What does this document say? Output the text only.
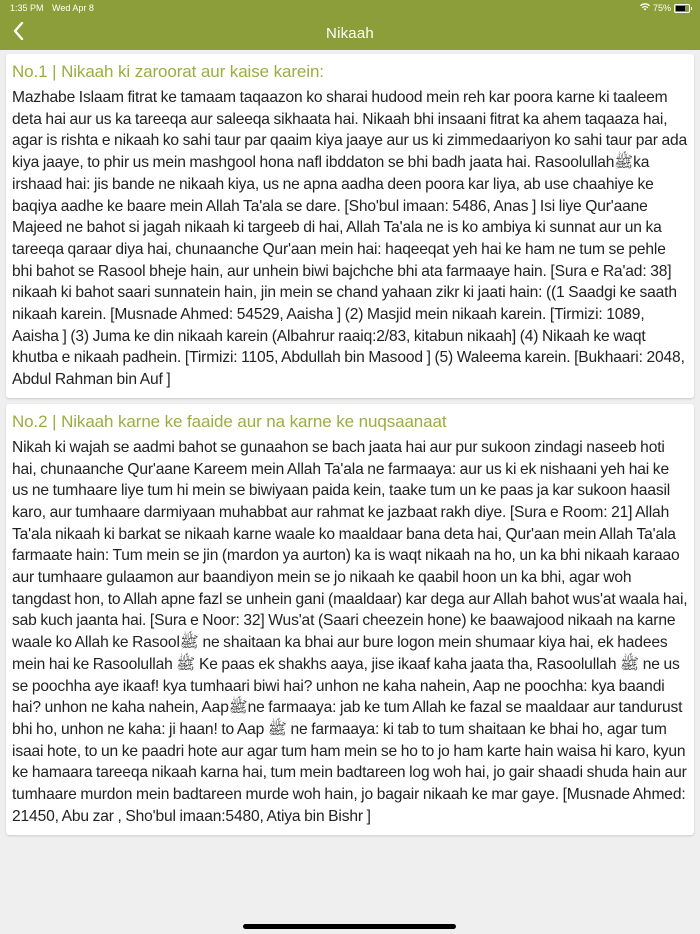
1:35 PM Wed Apr 8	75%
Nikaah
No.1 | Nikaah ki zaroorat aur kaise karein:
Mazhabe Islaam fitrat ke tamaam taqaazon ko sharai hudood mein reh kar poora karne ki taaleem deta hai aur us ka tareeqa aur saleeqa sikhaata hai. Nikaah bhi insaani fitrat ka ahem taqaaza hai, agar is rishta e nikaah ko sahi taur par qaaim kiya jaaye aur us ki zimmedaariyon ko sahi taur par ada kiya jaaye, to phir us mein mashgool hona nafl ibddaton se bhi badh jaata hai. Rasoolullahﷺka irshaad hai: jis bande ne nikaah kiya, us ne apna aadha deen poora kar liya, ab use chaahiye ke baqiya aadhe ke baare mein Allah Ta'ala se dare. [Sho'bul imaan: 5486, Anas ] Isi liye Qur'aane Majeed ne bahot si jagah nikaah ki targeeb di hai, Allah Ta'ala ne is ko ambiya ki sunnat aur un ka tareeqa qaraar diya hai, chunaanche Qur'aan mein hai: haqeeqat yeh hai ke ham ne tum se pehle bhi bahot se Rasool bheje hain, aur unhein biwi bajchche bhi ata farmaaye hain. [Sura e Ra'ad: 38] nikaah ki bahot saari sunnatein hain, jin mein se chand yahaan zikr ki jaati hain: ((1 Saadgi ke saath nikaah karein. [Musnade Ahmed: 54529, Aaisha ] (2) Masjid mein nikaah karein. [Tirmizi: 1089, Aaisha ] (3) Juma ke din nikaah karein (Albahrur raaiq:2/83, kitabun nikaah] (4) Nikaah ke waqt khutba e nikaah padhein. [Tirmizi: 1105, Abdullah bin Masood ] (5) Waleema karein. [Bukhaari: 2048, Abdul Rahman bin Auf ]
No.2 | Nikaah karne ke faaide aur na karne ke nuqsaanaat
Nikah ki wajah se aadmi bahot se gunaahon se bach jaata hai aur pur sukoon zindagi naseeb hoti hai, chunaanche Qur'aane Kareem mein Allah Ta'ala ne farmaaya: aur us ki ek nishaani yeh hai ke us ne tumhaare liye tum hi mein se biwiyaan paida kein, taake tum un ke paas ja kar sukoon haasil karo, aur tumhaare darmiyaan muhabbat aur rahmat ke jazbaat rakh diye. [Sura e Room: 21] Allah Ta'ala nikaah ki barkat se nikaah karne waale ko maaldaar bana deta hai, Qur'aan mein Allah Ta'ala farmaate hain: Tum mein se jin (mardon ya aurton) ka is waqt nikaah na ho, un ka bhi nikaah karaao aur tumhaare gulaamon aur baandiyon mein se jo nikaah ke qaabil hoon un ka bhi, agar woh tangdast hon, to Allah apne fazl se unhein gani (maaldaar) kar dega aur Allah bahot wus'at waala hai, sab kuch jaanta hai. [Sura e Noor: 32] Wus'at (Saari cheezein hone) ke baawajood nikaah na karne waale ko Allah ke Rasoolﷺ ne shaitaan ka bhai aur bure logon mein shumaar kiya hai, ek hadees mein hai ke Rasoolullah ﷺ Ke paas ek shakhs aaya, jise ikaaf kaha jaata tha, Rasoolullah ﷺ ne us se poochha aye ikaaf! kya tumhaari biwi hai? unhon ne kaha nahein, Aap ne poochha: kya baandi hai? unhon ne kaha nahein, Aapﷺne farmaaya: jab ke tum Allah ke fazal se maaldaar aur tandurust bhi ho, unhon ne kaha: ji haan! to Aap ﷺ ne farmaaya: ki tab to tum shaitaan ke bhai ho, agar tum isaai hote, to un ke paadri hote aur agar tum ham mein se ho to jo ham karte hain waisa hi karo, kyun ke hamaara tareeqa nikaah karna hai, tum mein badtareen log woh hai, jo gair shaadi shuda hain aur tumhaare murdon mein badtareen murde woh hain, jo bagair nikaah ke mar gaye. [Musnade Ahmed: 21450, Abu zar , Sho'bul imaan:5480, Atiya bin Bishr ]
